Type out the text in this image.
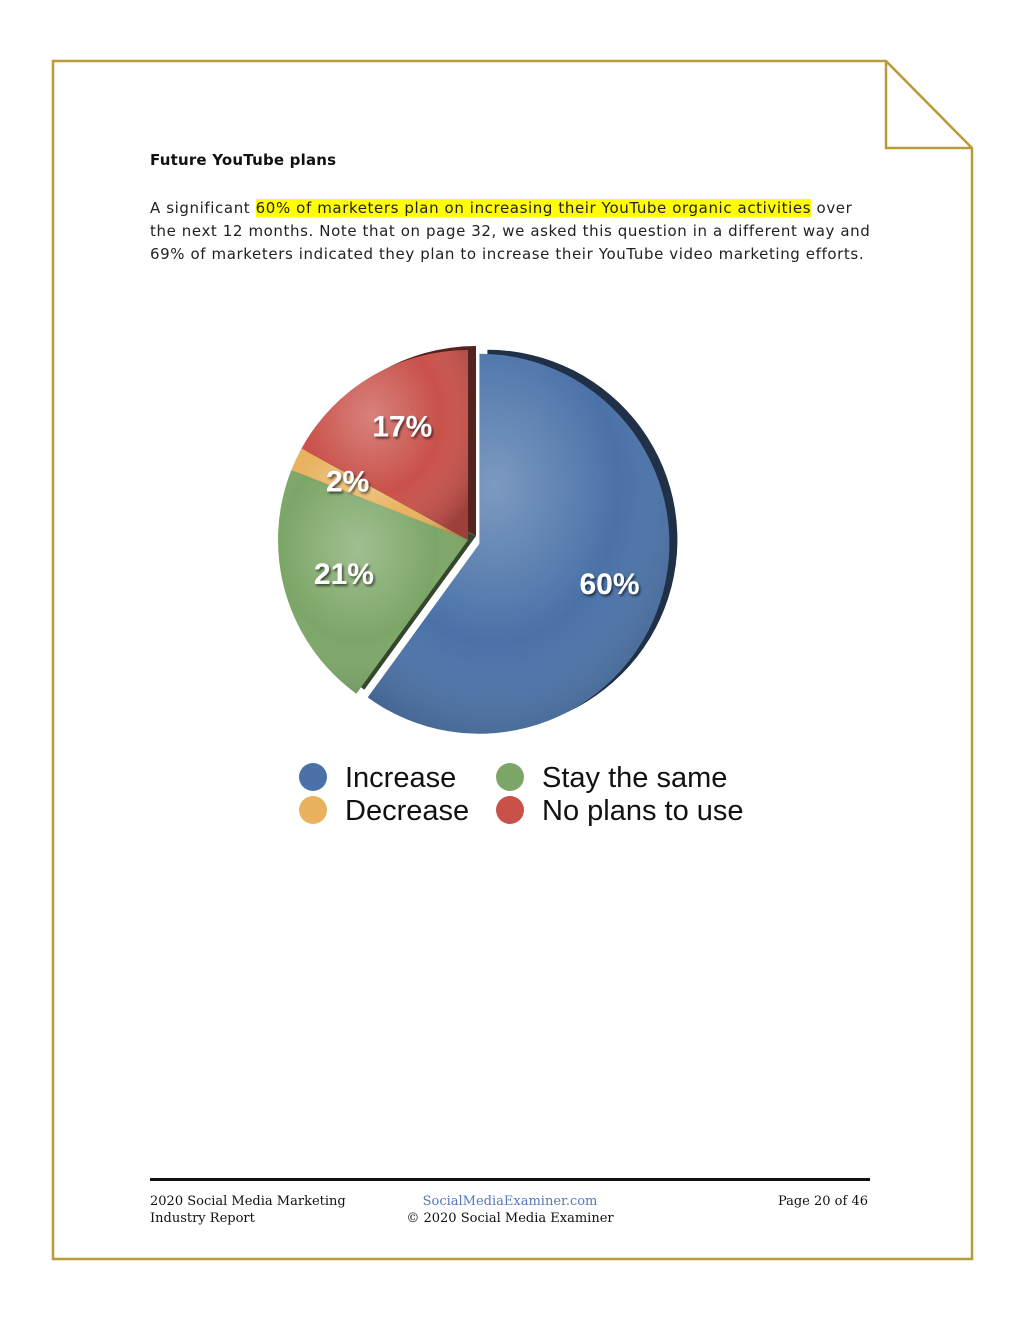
Future YouTube plans

A significant 60% of marketers plan on increasing their YouTube organic activities over the next 12 months. Note that on page 32, we asked this question in a different way and 69% of marketers indicated they plan to increase their YouTube video marketing efforts.

60%
21%
2%
17%
Increase	Stay the same
Decrease	No plans to use
2020 Social Media Marketing
Industry Report
SocialMediaExaminer.com
© 2020 Social Media Examiner
Page 20 of 46
